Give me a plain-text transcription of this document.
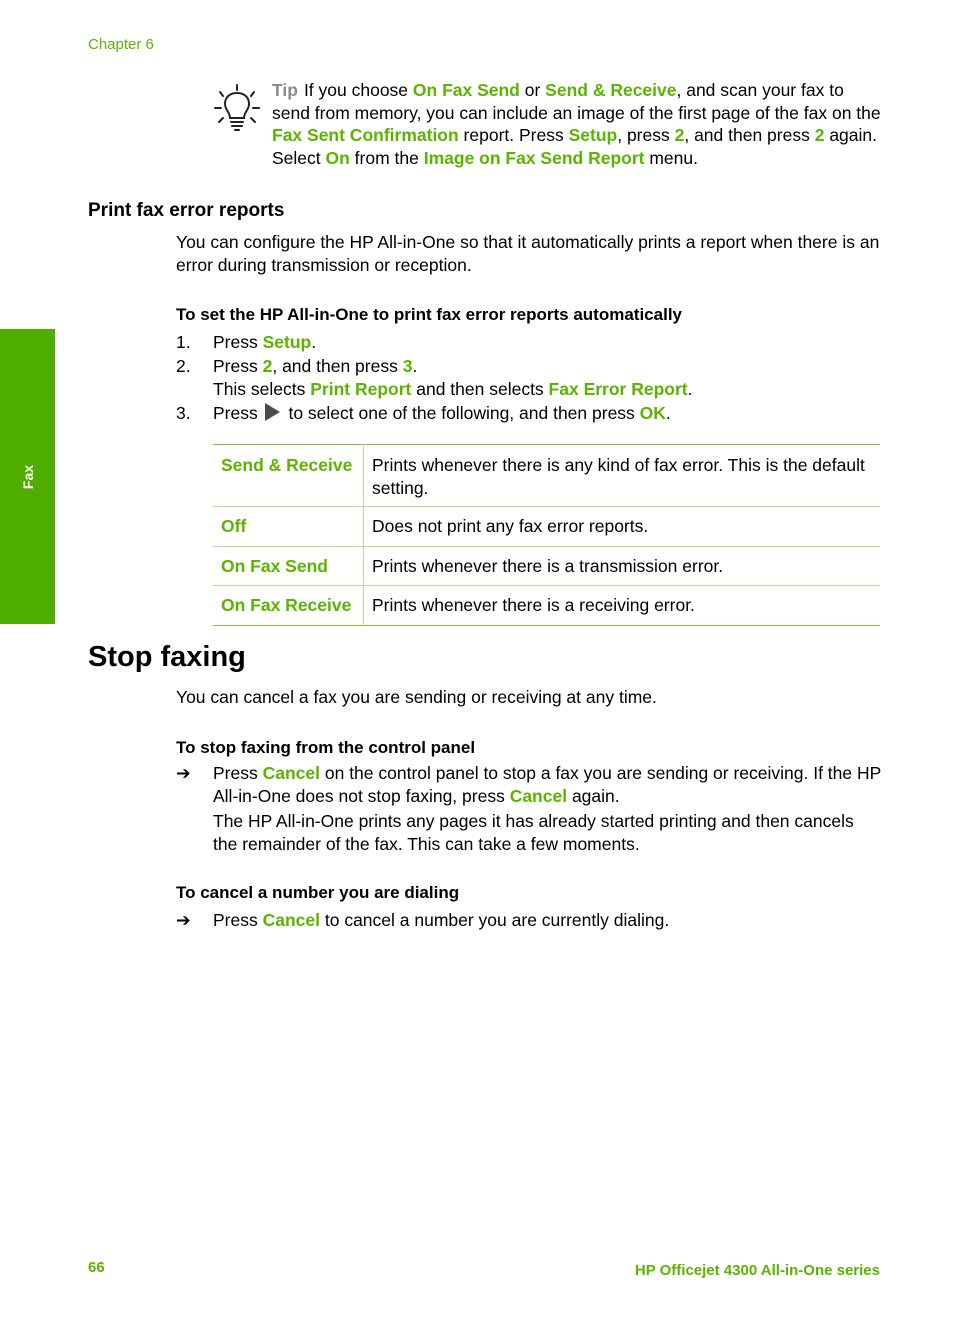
Chapter 6
Fax
Tip If you choose On Fax Send or Send & Receive, and scan your fax to send from memory, you can include an image of the first page of the fax on the Fax Sent Confirmation report. Press Setup, press 2, and then press 2 again. Select On from the Image on Fax Send Report menu.
Print fax error reports
You can configure the HP All-in-One so that it automatically prints a report when there is an error during transmission or reception.
To set the HP All-in-One to print fax error reports automatically
1. Press Setup.
2. Press 2, and then press 3.
This selects Print Report and then selects Fax Error Report.
3. Press  to select one of the following, and then press OK.
Send & Receive	Prints whenever there is any kind of fax error. This is the default setting.
Off	Does not print any fax error reports.
On Fax Send	Prints whenever there is a transmission error.
On Fax Receive	Prints whenever there is a receiving error.
Stop faxing
You can cancel a fax you are sending or receiving at any time.
To stop faxing from the control panel
➔ Press Cancel on the control panel to stop a fax you are sending or receiving. If the HP All-in-One does not stop faxing, press Cancel again.
The HP All-in-One prints any pages it has already started printing and then cancels the remainder of the fax. This can take a few moments.
To cancel a number you are dialing
➔ Press Cancel to cancel a number you are currently dialing.
66	HP Officejet 4300 All-in-One series
